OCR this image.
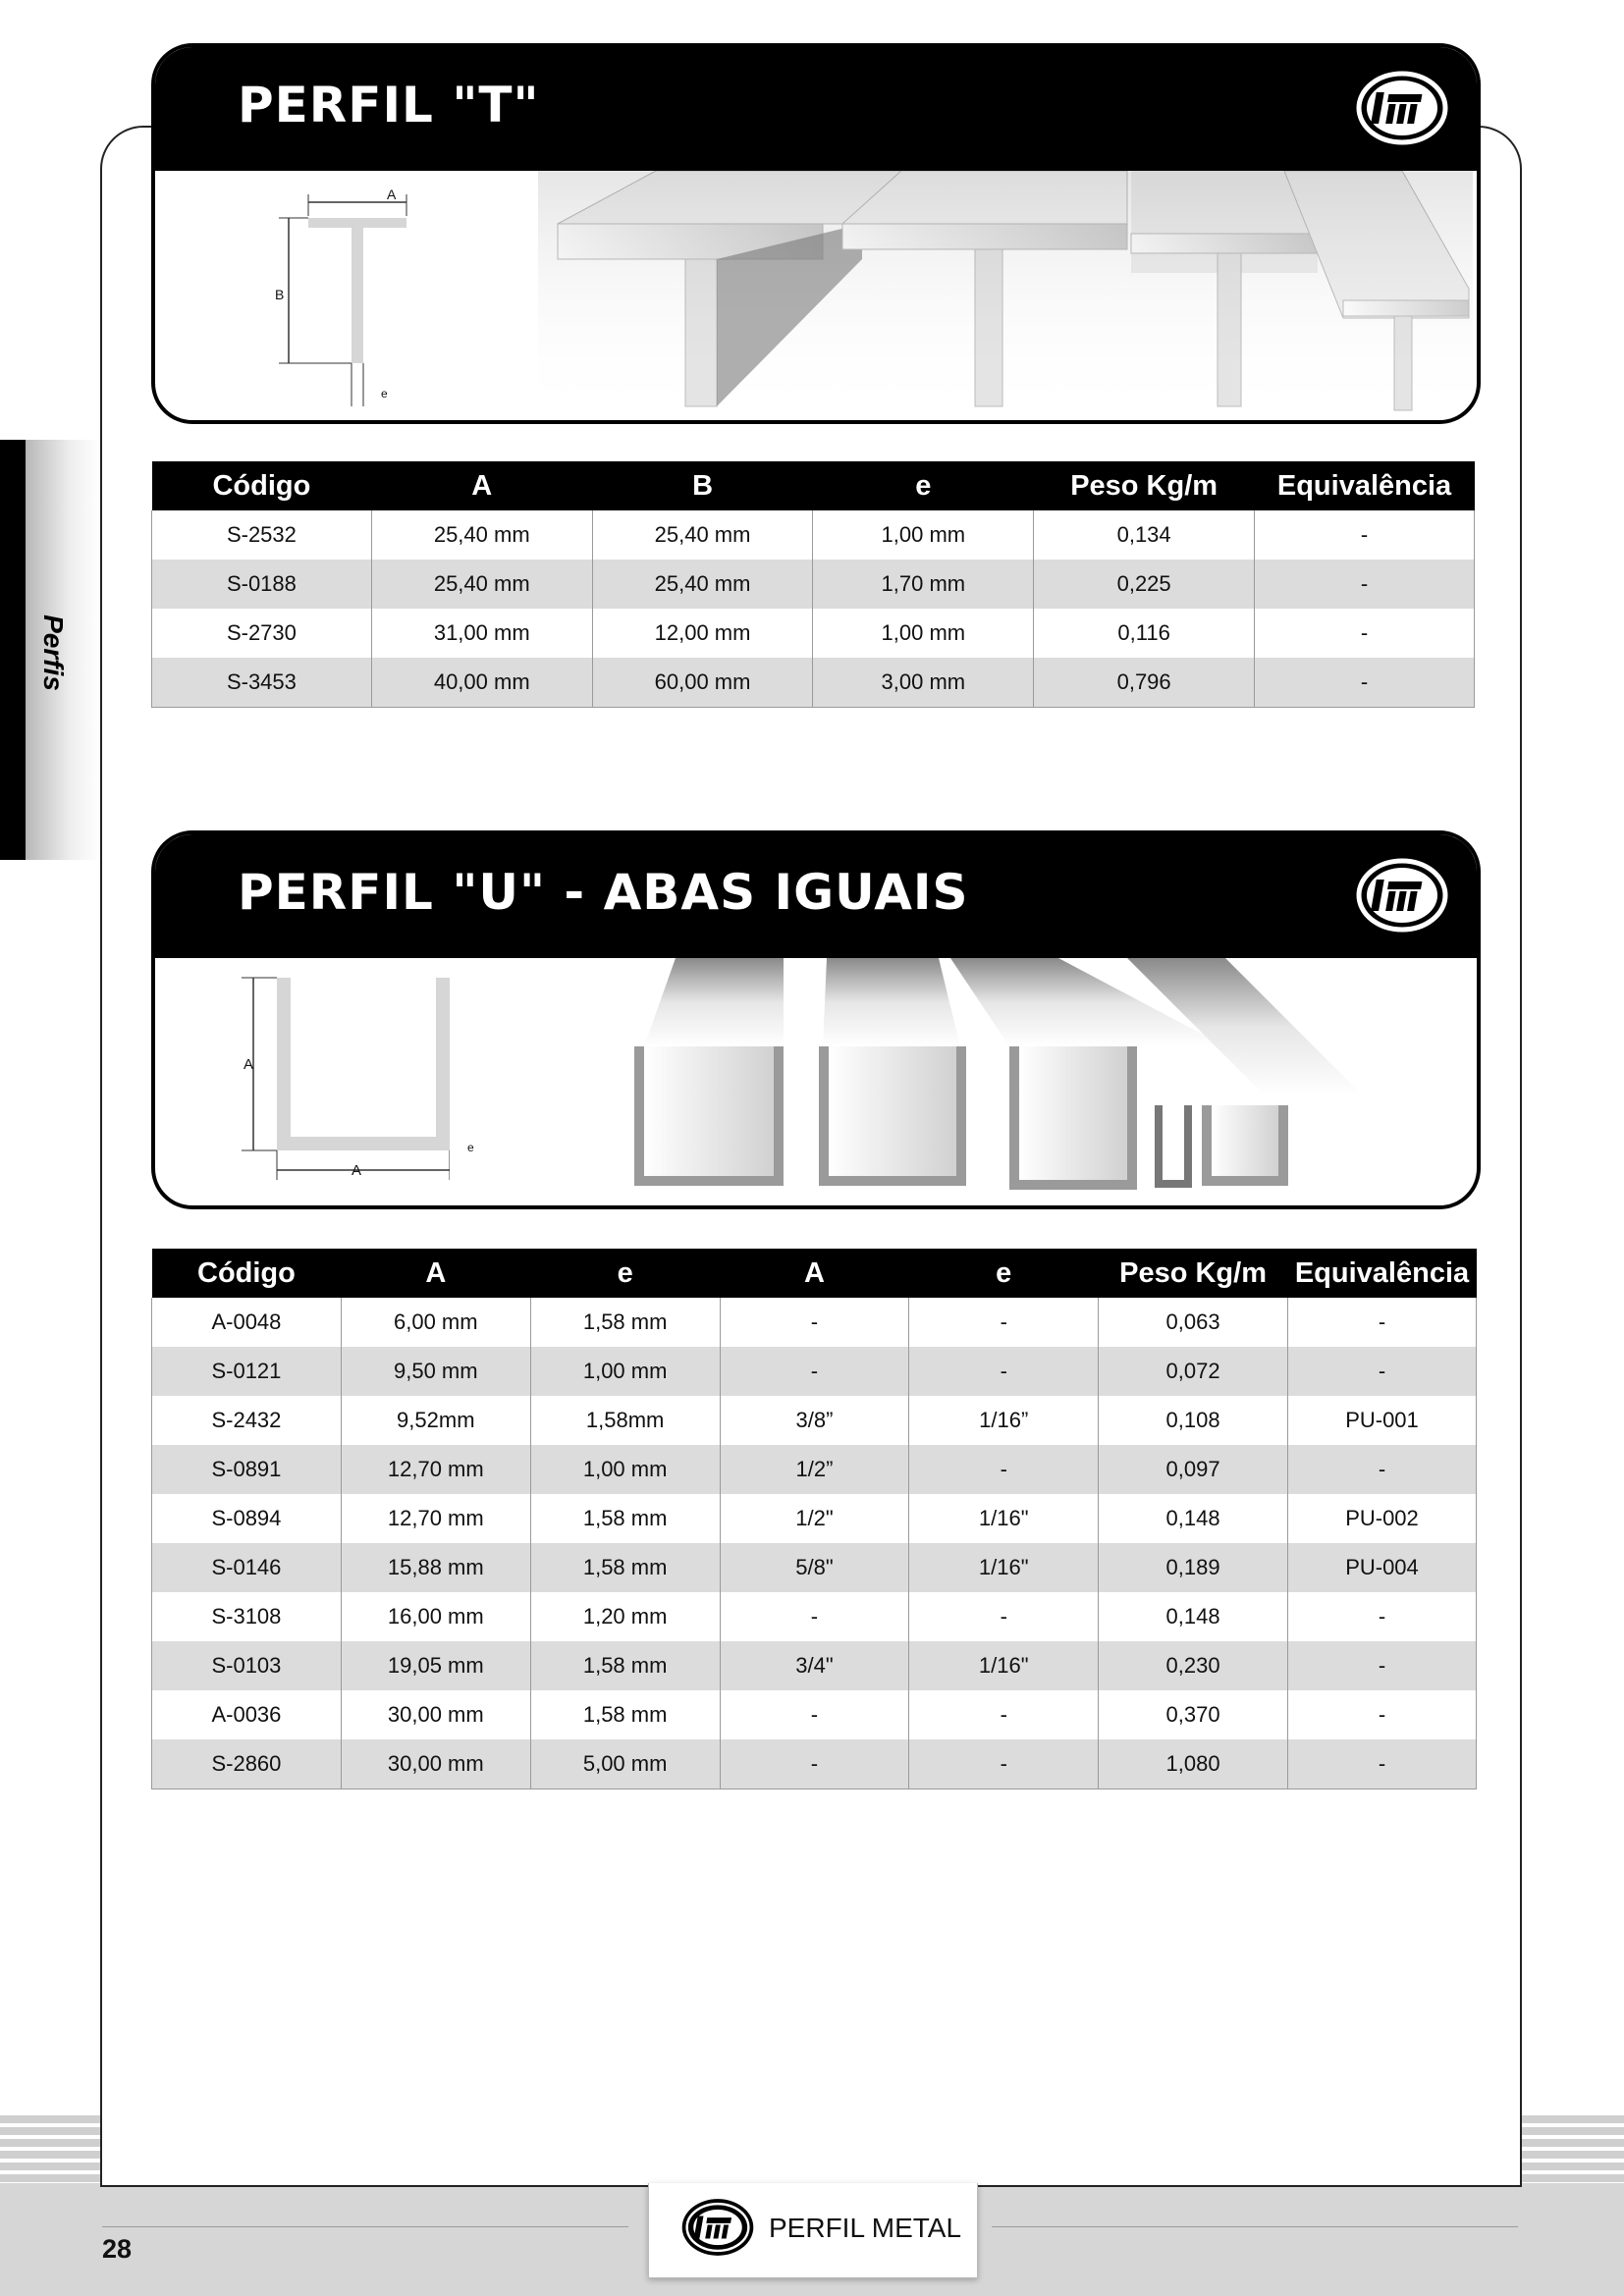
Perfis
PERFIL "T"
A
B
e
Código	A	B	e	Peso Kg/m	Equivalência
S-2532	25,40 mm	25,40 mm	1,00 mm	0,134	-
S-0188	25,40 mm	25,40 mm	1,70 mm	0,225	-
S-2730	31,00 mm	12,00 mm	1,00 mm	0,116	-
S-3453	40,00 mm	60,00 mm	3,00 mm	0,796	-
PERFIL "U" - ABAS IGUAIS
A
A
e
Código	A	e	A	e	Peso Kg/m	Equivalência
A-0048	6,00 mm	1,58 mm	-	-	0,063	-
S-0121	9,50 mm	1,00 mm	-	-	0,072	-
S-2432	9,52mm	1,58mm	3/8”	1/16”	0,108	PU-001
S-0891	12,70 mm	1,00 mm	1/2”	-	0,097	-
S-0894	12,70 mm	1,58 mm	1/2"	1/16"	0,148	PU-002
S-0146	15,88 mm	1,58 mm	5/8"	1/16"	0,189	PU-004
S-3108	16,00 mm	1,20 mm	-	-	0,148	-
S-0103	19,05 mm	1,58 mm	3/4"	1/16"	0,230	-
A-0036	30,00 mm	1,58 mm	-	-	0,370	-
S-2860	30,00 mm	5,00 mm	-	-	1,080	-
PERFIL METAL
28
